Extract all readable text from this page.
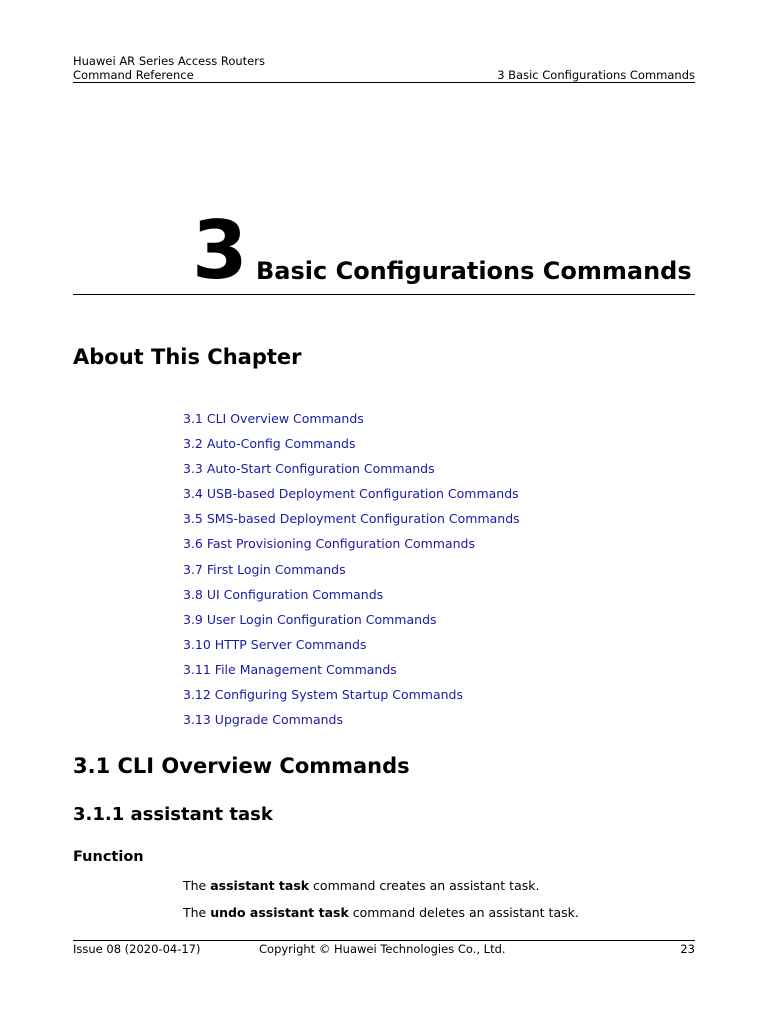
Huawei AR Series Access Routers
Command Reference	3 Basic Configurations Commands
3 Basic Configurations Commands
About This Chapter
3.1 CLI Overview Commands
3.2 Auto-Config Commands
3.3 Auto-Start Configuration Commands
3.4 USB-based Deployment Configuration Commands
3.5 SMS-based Deployment Configuration Commands
3.6 Fast Provisioning Configuration Commands
3.7 First Login Commands
3.8 UI Configuration Commands
3.9 User Login Configuration Commands
3.10 HTTP Server Commands
3.11 File Management Commands
3.12 Configuring System Startup Commands
3.13 Upgrade Commands
3.1 CLI Overview Commands
3.1.1 assistant task
Function
The assistant task command creates an assistant task.
The undo assistant task command deletes an assistant task.
Issue 08 (2020-04-17)	Copyright © Huawei Technologies Co., Ltd.	23
